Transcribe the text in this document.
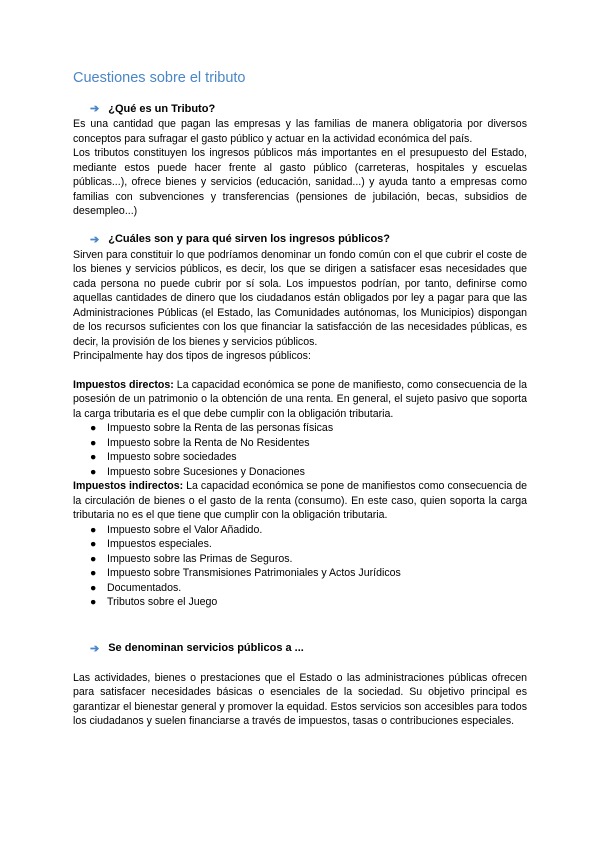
Cuestiones sobre el tributo
➔ ¿Qué es un Tributo?

Es una cantidad que pagan las empresas y las familias de manera obligatoria por diversos conceptos para sufragar el gasto público y actuar en la actividad económica del país.

Los tributos constituyen los ingresos públicos más importantes en el presupuesto del Estado, mediante estos puede hacer frente al gasto público (carreteras, hospitales y escuelas públicas...), ofrece bienes y servicios (educación, sanidad...) y ayuda tanto a empresas como familias con subvenciones y transferencias (pensiones de jubilación, becas, subsidios de desempleo...)

➔ ¿Cuáles son y para qué sirven los ingresos públicos?

Sirven para constituir lo que podríamos denominar un fondo común con el que cubrir el coste de los bienes y servicios públicos, es decir, los que se dirigen a satisfacer esas necesidades que cada persona no puede cubrir por sí sola. Los impuestos podrían, por tanto, definirse como aquellas cantidades de dinero que los ciudadanos están obligados por ley a pagar para que las Administraciones Públicas (el Estado, las Comunidades autónomas, los Municipios) dispongan de los recursos suficientes con los que financiar la satisfacción de las necesidades públicas, es decir, la provisión de los bienes y servicios públicos.

Principalmente hay dos tipos de ingresos públicos:

Impuestos directos: La capacidad económica se pone de manifiesto, como consecuencia de la posesión de un patrimonio o la obtención de una renta. En general, el sujeto pasivo que soporta la carga tributaria es el que debe cumplir con la obligación tributaria.

● Impuesto sobre la Renta de las personas físicas
● Impuesto sobre la Renta de No Residentes
● Impuesto sobre sociedades
● Impuesto sobre Sucesiones y Donaciones

Impuestos indirectos: La capacidad económica se pone de manifiestos como consecuencia de la circulación de bienes o el gasto de la renta (consumo). En este caso, quien soporta la carga tributaria no es el que tiene que cumplir con la obligación tributaria.

● Impuesto sobre el Valor Añadido.
● Impuestos especiales.
● Impuesto sobre las Primas de Seguros.
● Impuesto sobre Transmisiones Patrimoniales y Actos Jurídicos
● Documentados.
● Tributos sobre el Juego
➔ Se denominan servicios públicos a ...

Las actividades, bienes o prestaciones que el Estado o las administraciones públicas ofrecen para satisfacer necesidades básicas o esenciales de la sociedad. Su objetivo principal es garantizar el bienestar general y promover la equidad. Estos servicios son accesibles para todos los ciudadanos y suelen financiarse a través de impuestos, tasas o contribuciones especiales.
